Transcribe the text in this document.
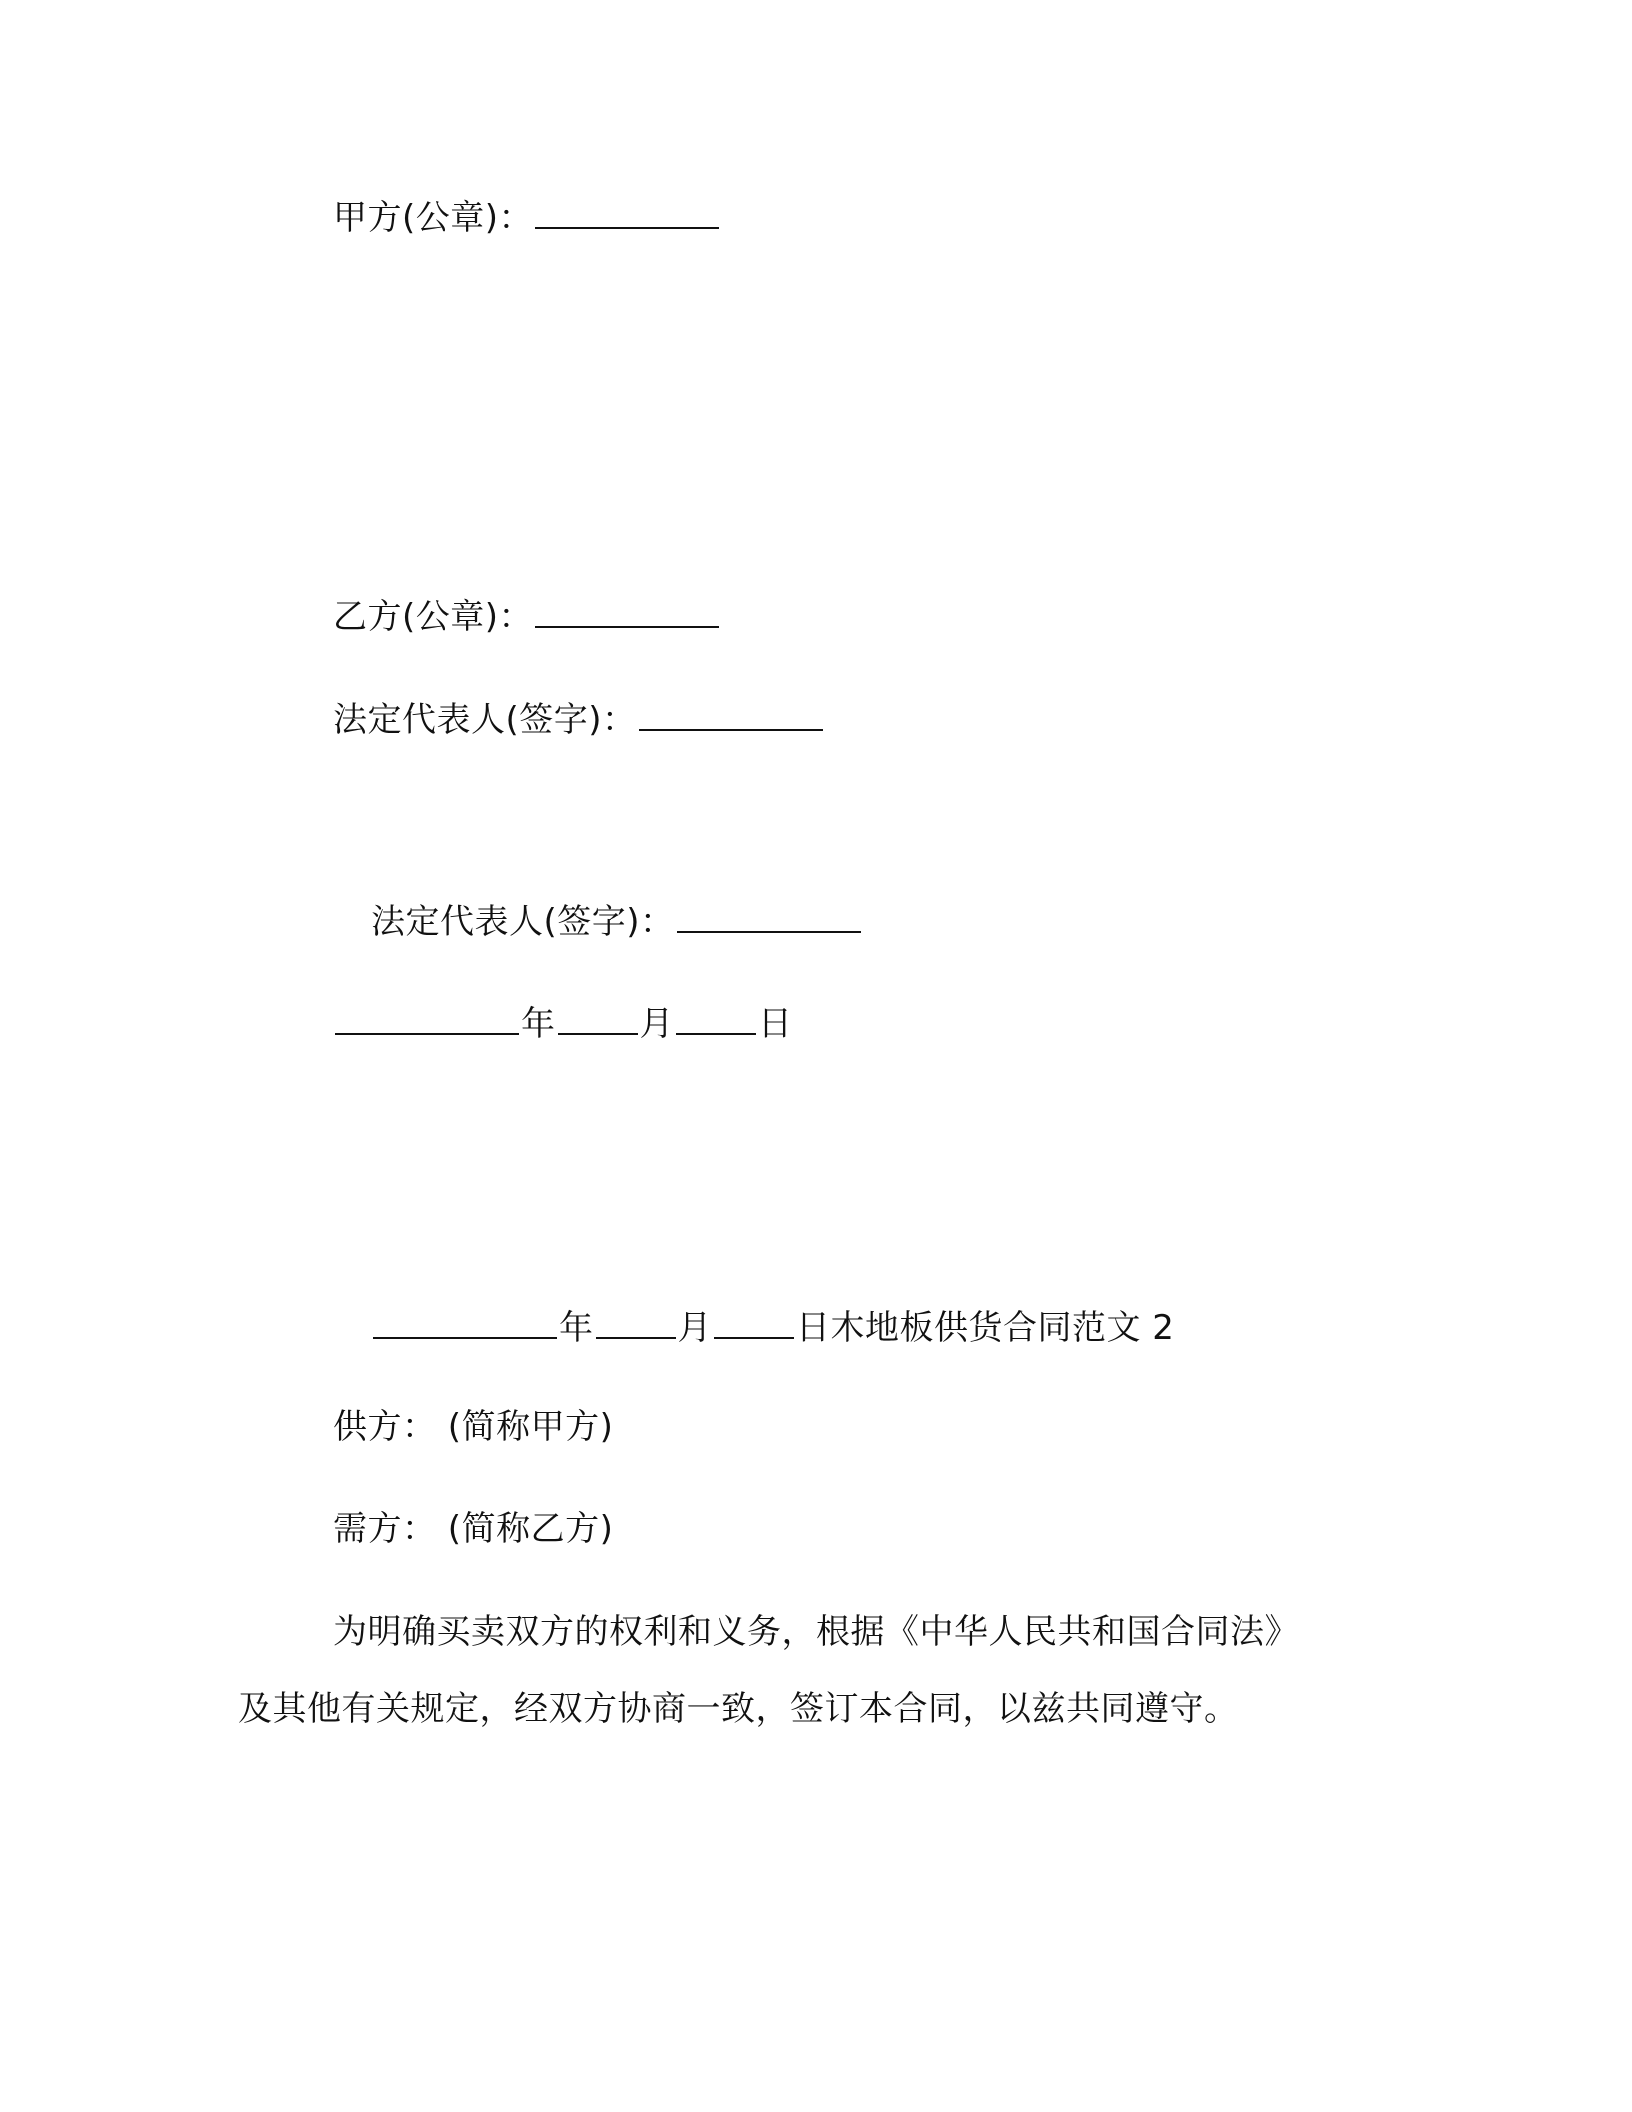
甲方(公章)：
乙方(公章)：
法定代表人(签字)：
法定代表人(签字)：
年 月 日
年 月 日木地板供货合同范文 2
供方： (简称甲方)
需方： (简称乙方)
为明确买卖双方的权利和义务，根据《中华人民共和国合同法》
及其他有关规定，经双方协商一致，签订本合同，以兹共同遵守。
